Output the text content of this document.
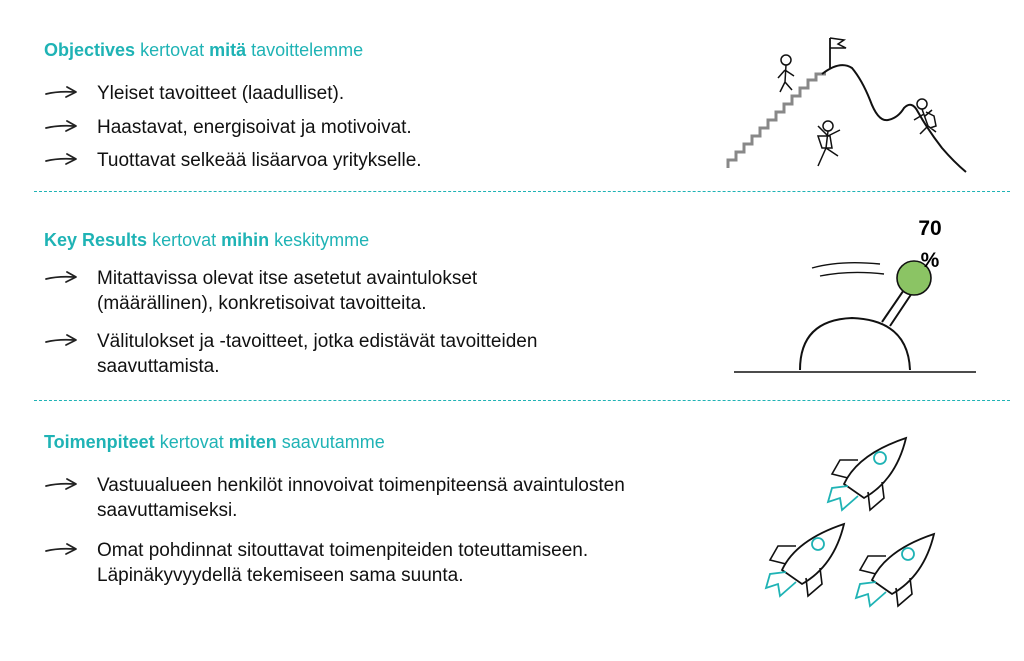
Objectives kertovat mitä tavoittelemme
Yleiset tavoitteet (laadulliset).
Haastavat, energisoivat ja motivoivat.
Tuottavat selkeää lisäarvoa yritykselle.
Key Results kertovat mihin keskitymme
Mitattavissa olevat itse asetetut avaintulokset (määrällinen), konkretisoivat tavoitteita.
Välitulokset ja -tavoitteet, jotka edistävät tavoitteiden saavuttamista.
70
%
Toimenpiteet kertovat miten saavutamme
Vastuualueen henkilöt innovoivat toimenpiteensä avaintulosten saavuttamiseksi.
Omat pohdinnat sitouttavat toimenpiteiden toteuttamiseen. Läpinäkyvyydellä tekemiseen sama suunta.
